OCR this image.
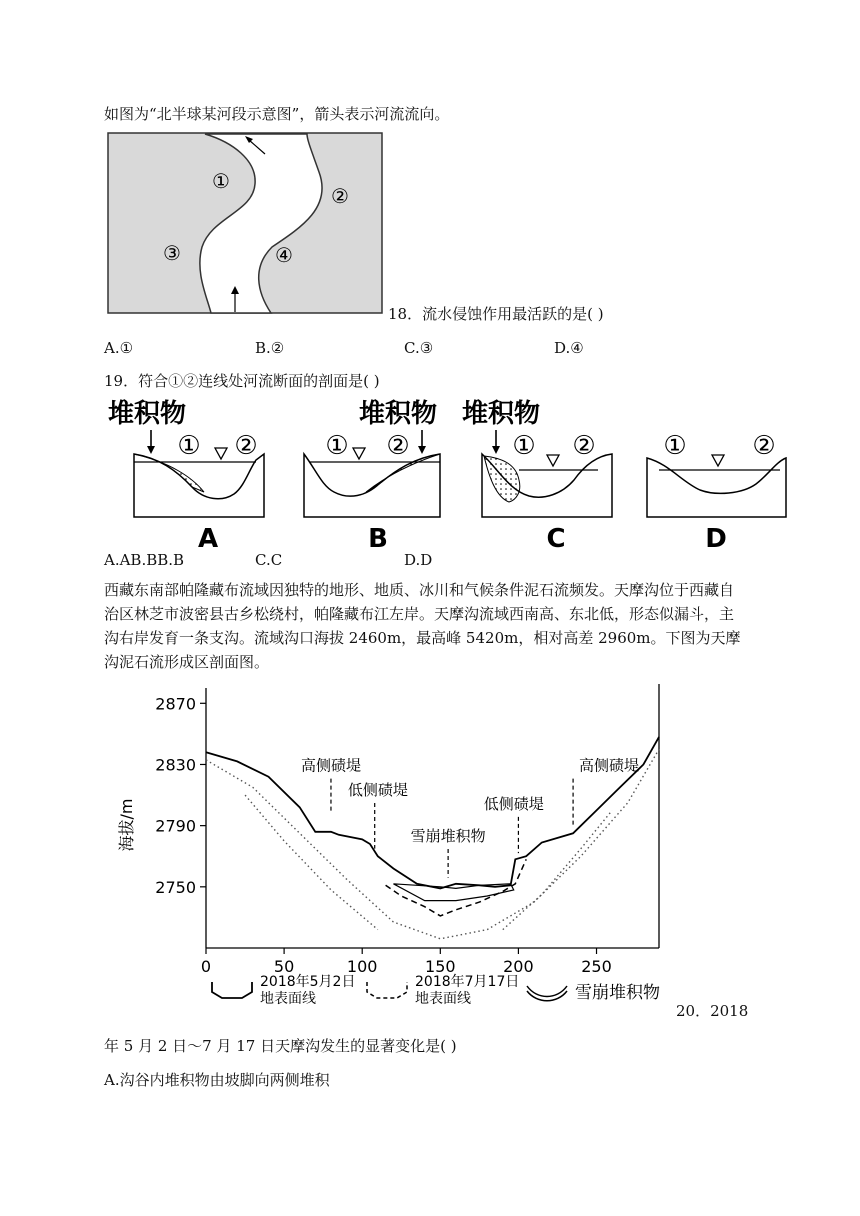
如图为“北半球某河段示意图”，箭头表示河流流向。
①
②
③	④
18．流水侵蚀作用最活跃的是( )
A.①	B.②	C.③	D.④
19．符合①②连线处河流断面的剖面是( )
堆积物
① ②
A
堆积物
① ②
B
堆积物
① ②
C
①	②
D
A.AB.BB.B	C.C	D.D
西藏东南部帕隆藏布流域因独特的地形、地质、冰川和气候条件泥石流频发。天摩沟位于西藏自治区林芝市波密县古乡松绕村，帕隆藏布江左岸。天摩沟流域西南高、东北低，形态似漏斗，主沟右岸发育一条支沟。流域沟口海拔 2460m，最高峰 5420m，相对高差 2960m。下图为天摩沟泥石流形成区剖面图。
2750
2790
2830
2870
0	50	100	150	200	250
高侧碛堤
低侧碛堤
雪崩堆积物
低侧碛堤
高侧碛堤
海拔/m
2018年5月2日
地表面线
2018年7月17日
地表面线	雪崩堆积物
20．2018
年 5 月 2 日～7 月 17 日天摩沟发生的显著变化是( )
A.沟谷内堆积物由坡脚向两侧堆积
